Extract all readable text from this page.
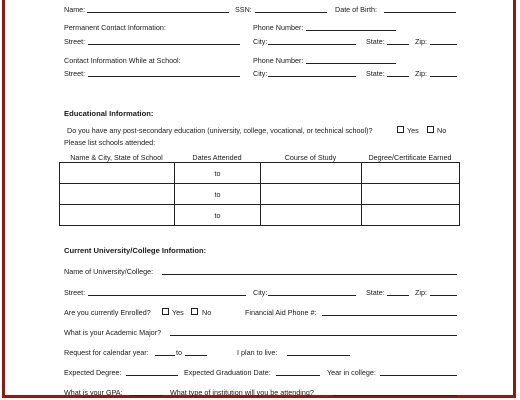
Name:	SSN:	Date of Birth:
Permanent Contact Information:	Phone Number:
Street:	City:	State:	Zip:
Contact Information While at School:	Phone Number:
Street:	City:	State:	Zip:
Educational Information:
Do you have any post-secondary education (university, college, vocational, or technical school)?	Yes	No
Please list schools attended:
Name & City, State of School	Dates Attended	Course of Study	Degree/Certificate Earned
	to		
	to		
	to		
Current University/College Information:
Name of University/College:
Street:	City:	State:	Zip:
Are you currently Enrolled?	Yes	No	Financial Aid Phone #:
What is your Academic Major?
Request for calendar year:	to	I plan to live:
Expected Degree:	Expected Graduation Date:	Year in college:
What is your GPA:	What type of institution will you be attending?
